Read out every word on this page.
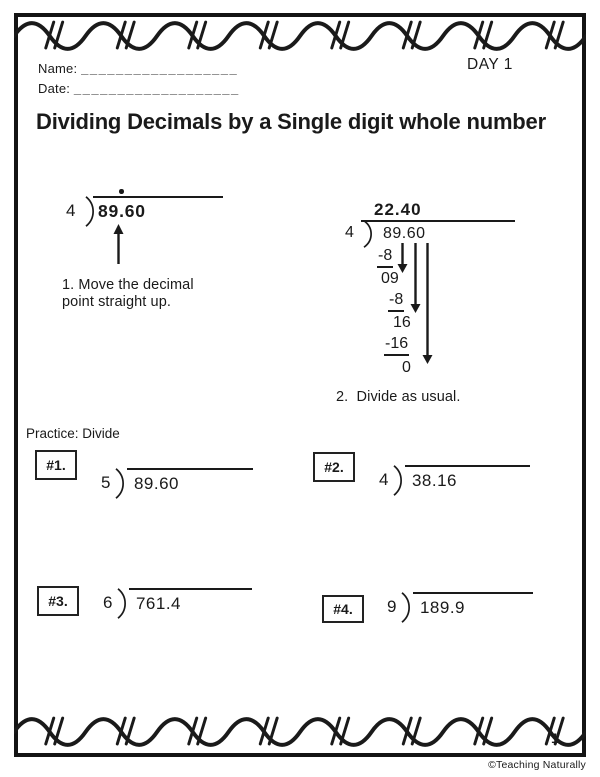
DAY 1
Name: __________________
Date: ___________________
Dividing Decimals by a Single digit whole number
4 89.60
1. Move the decimal
point straight up.
22.40
4 89.60
-8
09
-8
16
-16
0
2.  Divide as usual.
Practice: Divide
#1.
5	89.60
#2.
4	38.16
#3.	6	761.4	#4.	9	189.9
1
©Teaching Naturally
